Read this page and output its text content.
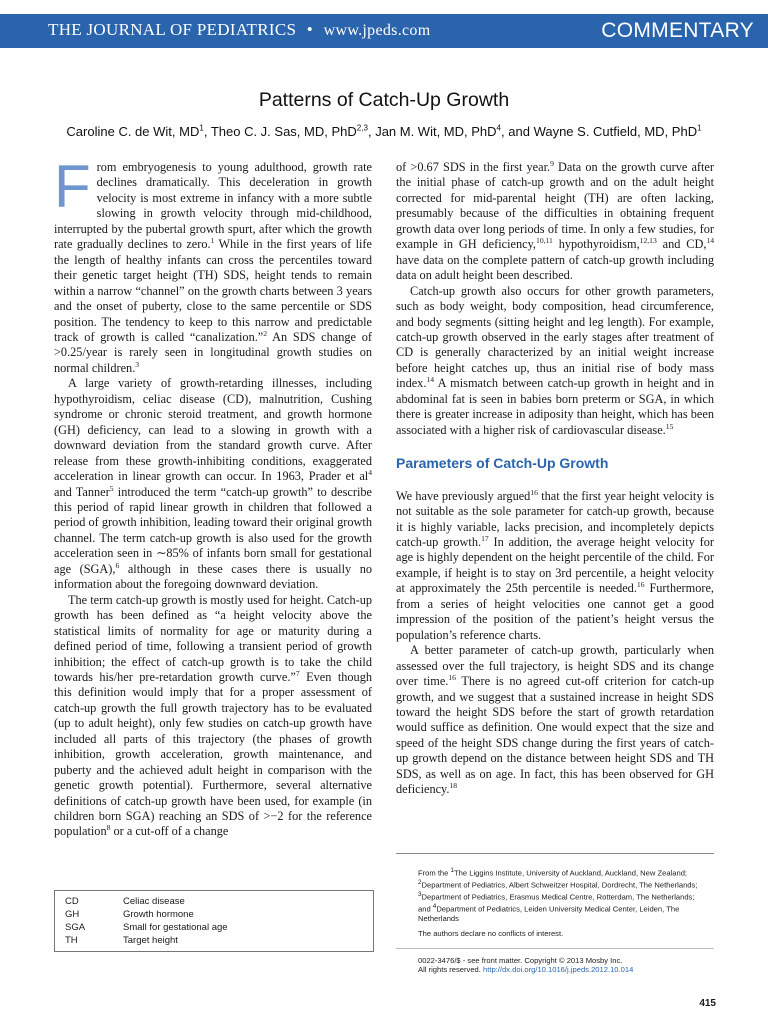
THE JOURNAL OF PEDIATRICS • www.jpeds.com	COMMENTARY
Patterns of Catch-Up Growth
Caroline C. de Wit, $MD^1$, Theo C. J. Sas, MD, PhD$^{2,3}$, Jan M. Wit, MD, PhD$^4$, and Wayne S. Cutfield, MD, PhD$^1$

From embryogenesis to young adulthood, growth rate declines dramatically. This deceleration in growth velocity is most extreme in infancy with a more subtle slowing in growth velocity through mid-childhood, interrupted by the pubertal growth spurt, after which the growth rate gradually declines to zero.$^1$ While in the first years of life the length of healthy infants can cross the percentiles toward their genetic target height (TH) SDS, height tends to remain within a narrow “channel” on the growth charts between 3 years and the onset of puberty, close to the same percentile or SDS position. The tendency to keep to this narrow and predictable track of growth is called “canalization.”$^2$ An SDS change of >0.25/year is rarely seen in longitudinal growth studies on normal children.$^3$

A large variety of growth-retarding illnesses, including hypothyroidism, celiac disease (CD), malnutrition, Cushing syndrome or chronic steroid treatment, and growth hormone (GH) deficiency, can lead to a slowing in growth with a downward deviation from the standard growth curve. After release from these growth-inhibiting conditions, exaggerated acceleration in linear growth can occur. In 1963, Prader et $al^4$ and Tanner$^5$ introduced the term “catch-up growth” to describe this period of rapid linear growth in children that followed a period of growth inhibition, leading toward their original growth channel. The term catch-up growth is also used for the growth acceleration seen in ∼85% of infants born small for gestational age (SGA),$^6$ although in these cases there is usually no information about the foregoing downward deviation.

The term catch-up growth is mostly used for height. Catch-up growth has been defined as “a height velocity above the statistical limits of normality for age or maturity during a defined period of time, following a transient period of growth inhibition; the effect of catch-up growth is to take the child towards his/her pre-retardation growth curve.”$^7$ Even though this definition would imply that for a proper assessment of catch-up growth the full growth trajectory has to be evaluated (up to adult height), only few studies on catch-up growth have included all parts of this trajectory (the phases of growth inhibition, growth acceleration, growth maintenance, and puberty and the achieved adult height in comparison with the genetic growth potential). Furthermore, several alternative definitions of catch-up growth have been used, for example (in children born SGA) reaching an SDS of >−2 for the reference population$^8$ or a cut-off of a change

of >0.67 SDS in the first year.$^9$ Data on the growth curve after the initial phase of catch-up growth and on the adult height corrected for mid-parental height (TH) are often lacking, presumably because of the difficulties in obtaining frequent growth data over long periods of time. In only a few studies, for example in GH deficiency,$^{10,11}$ hypothyroidism,$^{12,13}$ and CD,$^{14}$ have data on the complete pattern of catch-up growth including data on adult height been described.

Catch-up growth also occurs for other growth parameters, such as body weight, body composition, head circumference, and body segments (sitting height and leg length). For example, catch-up growth observed in the early stages after treatment of CD is generally characterized by an initial weight increase before height catches up, thus an initial rise of body mass index.$^{14}$ A mismatch between catch-up growth in height and in abdominal fat is seen in babies born preterm or SGA, in which there is greater increase in adiposity than height, which has been associated with a higher risk of cardiovascular disease.$^{15}$

Parameters of Catch-Up Growth

We have previously argued$^{16}$ that the first year height velocity is not suitable as the sole parameter for catch-up growth, because it is highly variable, lacks precision, and incompletely depicts catch-up growth.$^{17}$ In addition, the average height velocity for age is highly dependent on the height percentile of the child. For example, if height is to stay on 3rd percentile, a height velocity at approximately the 25th percentile is needed.$^{16}$ Furthermore, from a series of height velocities one cannot get a good impression of the position of the patient’s height versus the population’s reference charts.

A better parameter of catch-up growth, particularly when assessed over the full trajectory, is height SDS and its change over time.$^{16}$ There is no agreed cut-off criterion for catch-up growth, and we suggest that a sustained increase in height SDS toward the height SDS before the start of growth retardation would suffice as definition. One would expect that the size and speed of the height SDS change during the first years of catch-up growth depend on the distance between height SDS and TH SDS, as well as on age. In fact, this has been observed for GH deficiency.$^{18}$

CD	Celiac disease
GH	Growth hormone
SGA	Small for gestational age
TH	Target height
From the $^1$The Liggins Institute, University of Auckland, Auckland, New Zealand;
$^2$Department of Pediatrics, Albert Schweitzer Hospital, Dordrecht, The Netherlands;
$^3$Department of Pediatrics, Erasmus Medical Centre, Rotterdam, The Netherlands;
and $^4$Department of Pediatrics, Leiden University Medical Center, Leiden, The Netherlands
The authors declare no conflicts of interest.
0022-3476/$ - see front matter. Copyright © 2013 Mosby Inc.
All rights reserved. http://dx.doi.org/10.1016/j.jpeds.2012.10.014
415
